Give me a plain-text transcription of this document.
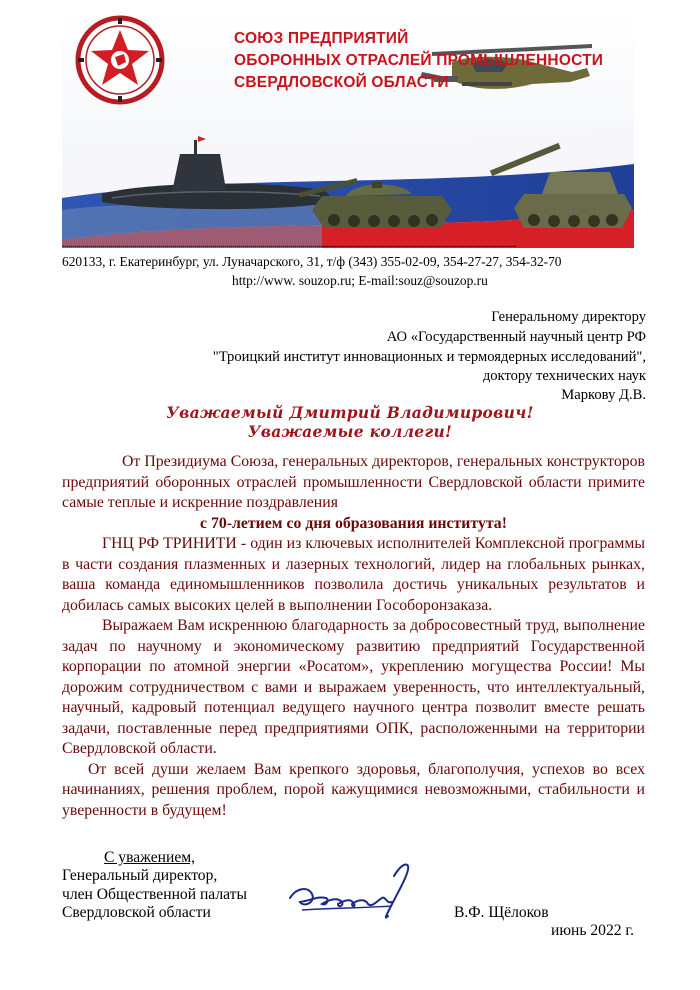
СОЮЗ ПРЕДПРИЯТИЙ
ОБОРОННЫХ ОТРАСЛЕЙ ПРОМЫШЛЕННОСТИ
СВЕРДЛОВСКОЙ ОБЛАСТИ
...................................................................................................................................................................................................................................
620133, г. Екатеринбург, ул. Луначарского, 31, т/ф (343) 355-02-09, 354-27-27, 354-32-70
http://www. souzop.ru; E-mail:souz@souzop.ru
Генеральному директору
АО «Государственный научный центр РФ
"Троицкий институт инновационных и термоядерных исследований",
доктору технических наук
Маркову Д.В.
Уважаемый Дмитрий Владимирович!
Уважаемые коллеги!

От Президиума Союза, генеральных директоров, генеральных конструкторов предприятий оборонных отраслей промышленности Свердловской области примите самые теплые и искренние поздравления

с 70-летием со дня образования института!

ГНЦ РФ ТРИНИТИ - один из ключевых исполнителей Комплексной программы в части создания плазменных и лазерных технологий, лидер на глобальных рынках, ваша команда единомышленников позволила достичь уникальных результатов и добилась самых высоких целей в выполнении Гособоронзаказа.

Выражаем Вам искреннюю благодарность за добросовестный труд, выполнение задач по научному и экономическому развитию предприятий Государственной корпорации по атомной энергии «Росатом», укреплению могущества России! Мы дорожим сотрудничеством с вами и выражаем уверенность, что интеллектуальный, научный, кадровый потенциал ведущего научного центра позволит вместе решать задачи, поставленные перед предприятиями ОПК, расположенными на территории Свердловской области.

От всей души желаем Вам крепкого здоровья, благополучия, успехов во всех начинаниях, решения проблем, порой кажущимися невозможными, стабильности и уверенности в будущем!

С уважением,
Генеральный директор,
член Общественной палаты
Свердловской области	В.Ф. Щёлоков
июнь 2022 г.
